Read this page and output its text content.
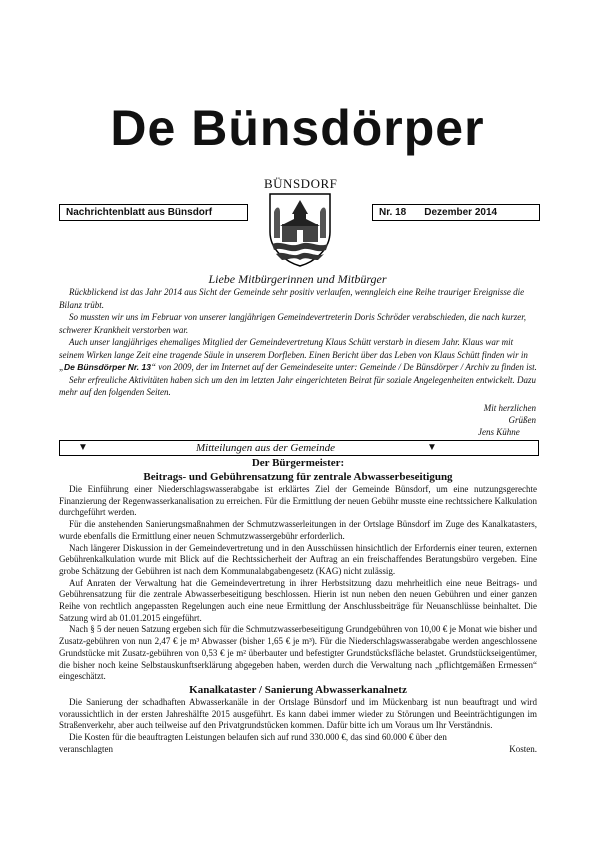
De Bünsdörper
Nachrichtenblatt aus Bünsdorf	Nr. 18 Dezember 2014
BÜNSDORF
Liebe Mitbürgerinnen und Mitbürger

Rückblickend ist das Jahr 2014 aus Sicht der Gemeinde sehr positiv verlaufen, wenngleich eine Reihe trauriger Ereignisse die Bilanz trübt.

So mussten wir uns im Februar von unserer langjährigen Gemeindevertreterin Doris Schröder verabschieden, die nach kurzer, schwerer Krankheit verstorben war.

Auch unser langjähriges ehemaliges Mitglied der Gemeindevertretung Klaus Schütt verstarb in diesem Jahr. Klaus war mit seinem Wirken lange Zeit eine tragende Säule in unserem Dorfleben. Einen Bericht über das Leben von Klaus Schütt finden wir in „De Bünsdörper Nr. 13“ von 2009, der im Internet auf der Gemeindeseite unter: Gemeinde / De Bünsdörper / Archiv zu finden ist.

Sehr erfreuliche Aktivitäten haben sich um den im letzten Jahr eingerichteten Beirat für soziale Angelegenheiten entwickelt. Dazu mehr auf den folgenden Seiten.

Mit herzlichen Grüßen
Jens Kühne
▼	Mitteilungen aus der Gemeinde	▼
Der Bürgermeister:
Beitrags- und Gebührensatzung für zentrale Abwasserbeseitigung

Die Einführung einer Niederschlagswasserabgabe ist erklärtes Ziel der Gemeinde Bünsdorf, um eine nutzungsgerechte Finanzierung der Regenwasserkanalisation zu erreichen. Für die Ermittlung der neuen Gebühr musste eine rechtssichere Kalkulation durchgeführt werden.

Für die anstehenden Sanierungsmaßnahmen der Schmutzwasserleitungen in der Ortslage Bünsdorf im Zuge des Kanalkatasters, wurde ebenfalls die Ermittlung einer neuen Schmutzwassergebühr erforderlich.

Nach längerer Diskussion in der Gemeindevertretung und in den Ausschüssen hinsichtlich der Erfordernis einer teuren, externen Gebührenkalkulation wurde mit Blick auf die Rechtssicherheit der Auftrag an ein freischaffendes Beratungsbüro vergeben. Eine grobe Schätzung der Gebühren ist nach dem Kommunalabgabengesetz (KAG) nicht zulässig.

Auf Anraten der Verwaltung hat die Gemeindevertretung in ihrer Herbstsitzung dazu mehrheitlich eine neue Beitrags- und Gebührensatzung für die zentrale Abwasserbeseitigung beschlossen. Hierin ist nun neben den neuen Gebühren und einer ganzen Reihe von rechtlich angepassten Regelungen auch eine neue Ermittlung der Anschlussbeiträge für Neuanschlüsse beinhaltet. Die Satzung wird ab 01.01.2015 eingeführt.

Nach § 5 der neuen Satzung ergeben sich für die Schmutzwasserbeseitigung Grundgebühren von 10,00 € je Monat wie bisher und Zusatz-gebühren von nun 2,47 € je m³ Abwasser (bisher 1,65 € je m³). Für die Niederschlagswasserabgabe werden angeschlossene Grundstücke mit Zusatz-gebühren von 0,53 € je m² überbauter und befestigter Grundstücksfläche belastet. Grundstückseigentümer, die bisher noch keine Selbstauskunftserklärung abgegeben haben, werden durch die Verwaltung nach „pflichtgemäßen Ermessen“ eingeschätzt.

Kanalkataster / Sanierung Abwasserkanalnetz

Die Sanierung der schadhaften Abwasserkanäle in der Ortslage Bünsdorf und im Mückenbarg ist nun beauftragt und wird voraussichtlich in der ersten Jahreshälfte 2015 ausgeführt. Es kann dabei immer wieder zu Störungen und Beeinträchtigungen im Straßenverkehr, aber auch teilweise auf den Privatgrundstücken kommen. Dafür bitte ich um Voraus um Ihr Verständnis.

Die Kosten für die beauftragten Leistungen belaufen sich auf rund 330.000 €, das sind 60.000 € über den

veranschlagten	Kosten.
